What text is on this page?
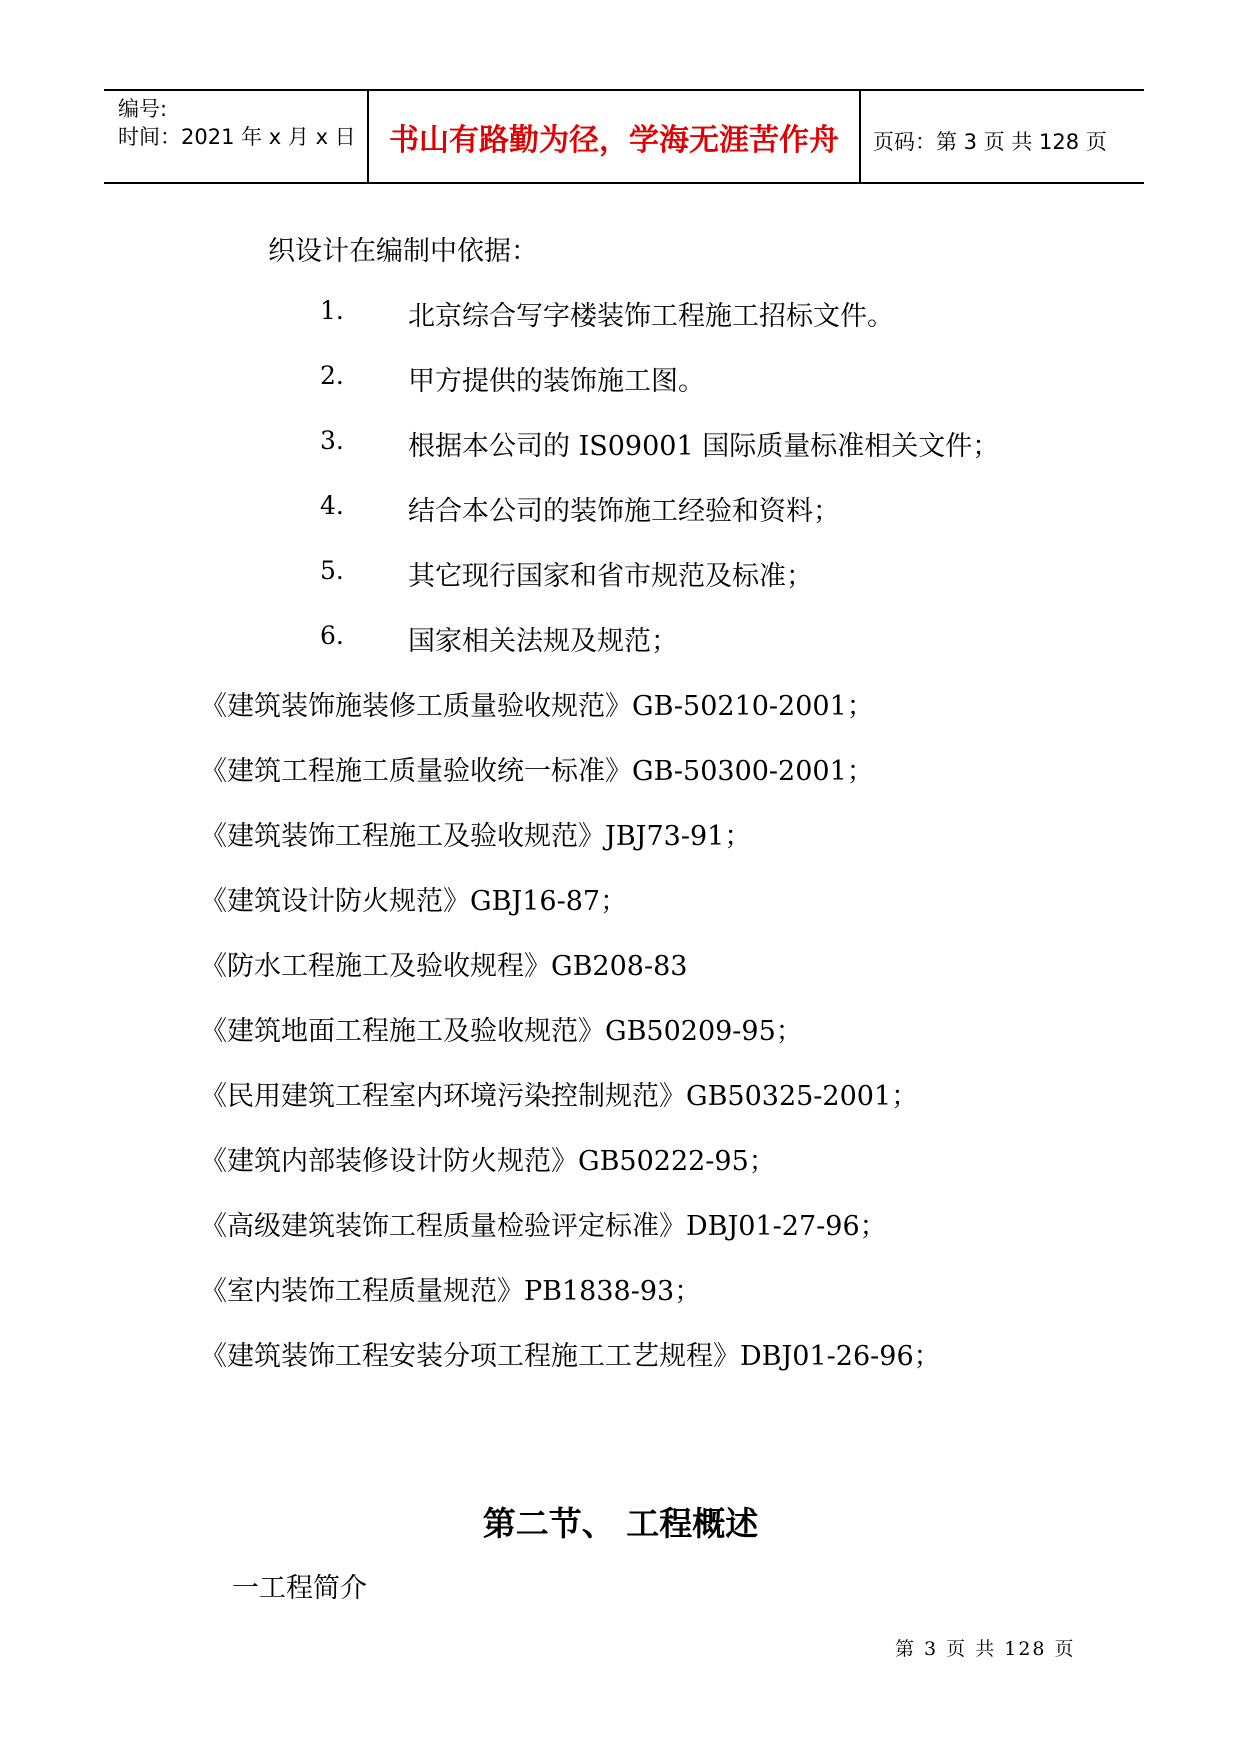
编号:
时间：2021 年 x 月 x 日	书山有路勤为径，学海无涯苦作舟	页码：第 3 页 共 128 页
织设计在编制中依据：
1. 北京综合写字楼装饰工程施工招标文件。
2. 甲方提供的装饰施工图。
3. 根据本公司的 IS09001 国际质量标准相关文件；
4. 结合本公司的装饰施工经验和资料；
5. 其它现行国家和省市规范及标准；
6. 国家相关法规及规范；
《建筑装饰施装修工质量验收规范》GB-50210-2001；
《建筑工程施工质量验收统一标准》GB-50300-2001；
《建筑装饰工程施工及验收规范》JBJ73-91；
《建筑设计防火规范》GBJ16-87；
《防水工程施工及验收规程》GB208-83
《建筑地面工程施工及验收规范》GB50209-95；
《民用建筑工程室内环境污染控制规范》GB50325-2001；
《建筑内部装修设计防火规范》GB50222-95；
《高级建筑装饰工程质量检验评定标准》DBJ01-27-96；
《室内装饰工程质量规范》PB1838-93；
《建筑装饰工程安装分项工程施工工艺规程》DBJ01-26-96；
第二节、 工程概述
一工程简介
第 3 页 共 128 页
